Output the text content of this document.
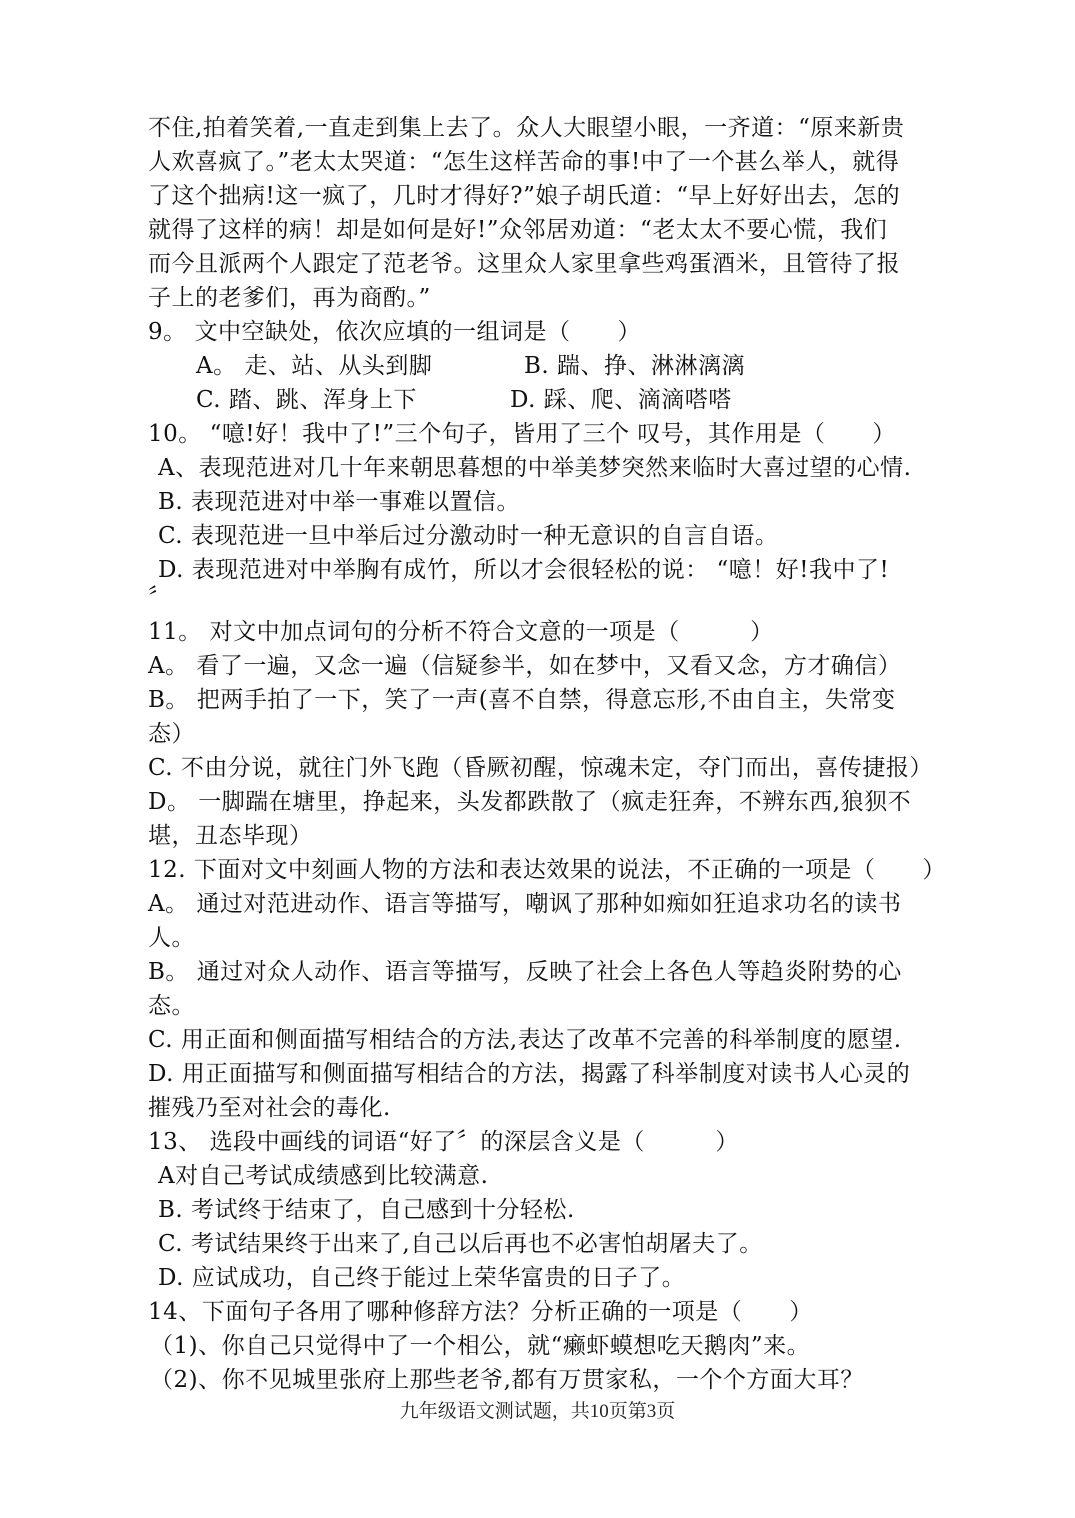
不住,拍着笑着,一直走到集上去了。众人大眼望小眼，一齐道：“原来新贵
人欢喜疯了。”老太太哭道：“怎生这样苦命的事!中了一个甚么举人，就得
了这个拙病!这一疯了，几时才得好?”娘子胡氏道：“早上好好出去，怎的
就得了这样的病！却是如何是好!”众邻居劝道：“老太太不要心慌，我们
而今且派两个人跟定了范老爷。这里众人家里拿些鸡蛋酒米，且管待了报
子上的老爹们，再为商酌。”
9。 文中空缺处，依次应填的一组词是（　　）
A。 走、站、从头到脚	B. 踹、挣、淋淋漓漓
C. 踏、跳、浑身上下	D. 踩、爬、滴滴嗒嗒
10。 “噫!好！我中了!”三个句子，皆用了三个 叹号，其作用是（　　）
A、表现范进对几十年来朝思暮想的中举美梦突然来临时大喜过望的心情.
B. 表现范进对中举一事难以置信。
C. 表现范进一旦中举后过分激动时一种无意识的自言自语。
D. 表现范进对中举胸有成竹，所以才会很轻松的说： “噫！好!我中了!
〞
11。 对文中加点词句的分析不符合文意的一项是（　　　）
A。 看了一遍，又念一遍（信疑参半，如在梦中，又看又念，方才确信）
B。 把两手拍了一下，笑了一声(喜不自禁，得意忘形,不由自主，失常变
态）
C. 不由分说，就往门外飞跑（昏厥初醒，惊魂未定，夺门而出，喜传捷报）
D。 一脚踹在塘里，挣起来，头发都跌散了（疯走狂奔，不辨东西,狼狈不
堪，丑态毕现）
12. 下面对文中刻画人物的方法和表达效果的说法，不正确的一项是（　　）
A。 通过对范进动作、语言等描写，嘲讽了那种如痴如狂追求功名的读书
人。
B。 通过对众人动作、语言等描写，反映了社会上各色人等趋炎附势的心
态。
C. 用正面和侧面描写相结合的方法,表达了改革不完善的科举制度的愿望.
D. 用正面描写和侧面描写相结合的方法，揭露了科举制度对读书人心灵的
摧残乃至对社会的毒化.
13、 选段中画线的词语“好了〞的深层含义是（　　　）
A对自己考试成绩感到比较满意.
B. 考试终于结束了，自己感到十分轻松.
C. 考试结果终于出来了,自己以后再也不必害怕胡屠夫了。
D. 应试成功，自己终于能过上荣华富贵的日子了。
14、下面句子各用了哪种修辞方法？分析正确的一项是（　　）
（1)、你自己只觉得中了一个相公，就“癞虾蟆想吃天鹅肉”来。
（2)、你不见城里张府上那些老爷,都有万贯家私，一个个方面大耳？
九年级语文测试题，共10页第3页
